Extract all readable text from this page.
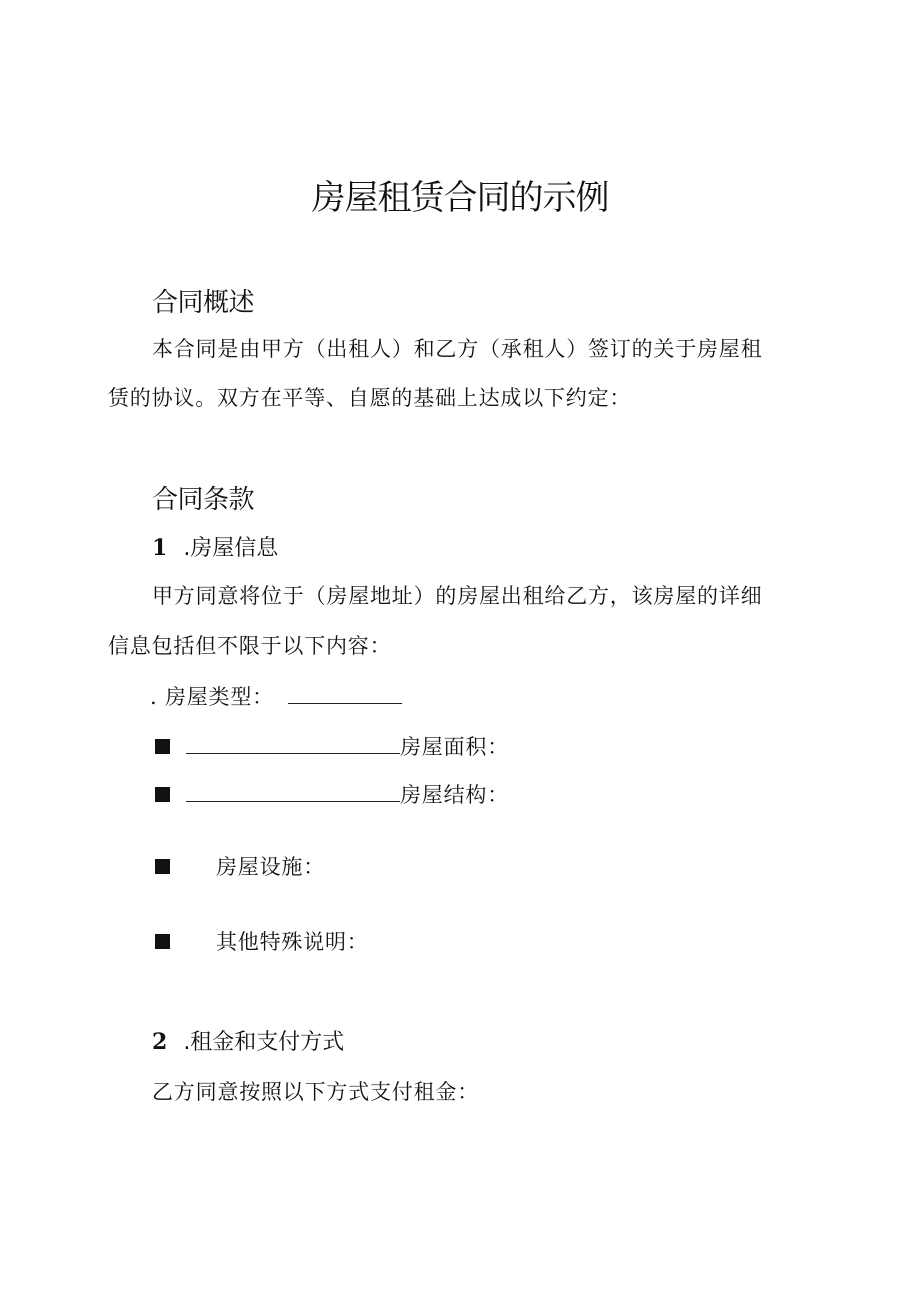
房屋租赁合同的示例
合同概述
本合同是由甲方（出租人）和乙方（承租人）签订的关于房屋租
赁的协议。双方在平等、自愿的基础上达成以下约定：
合同条款
1 .房屋信息
甲方同意将位于（房屋地址）的房屋出租给乙方，该房屋的详细
信息包括但不限于以下内容：
. 房屋类型：
房屋面积：
房屋结构：
房屋设施：
其他特殊说明：
2 .租金和支付方式
乙方同意按照以下方式支付租金：
